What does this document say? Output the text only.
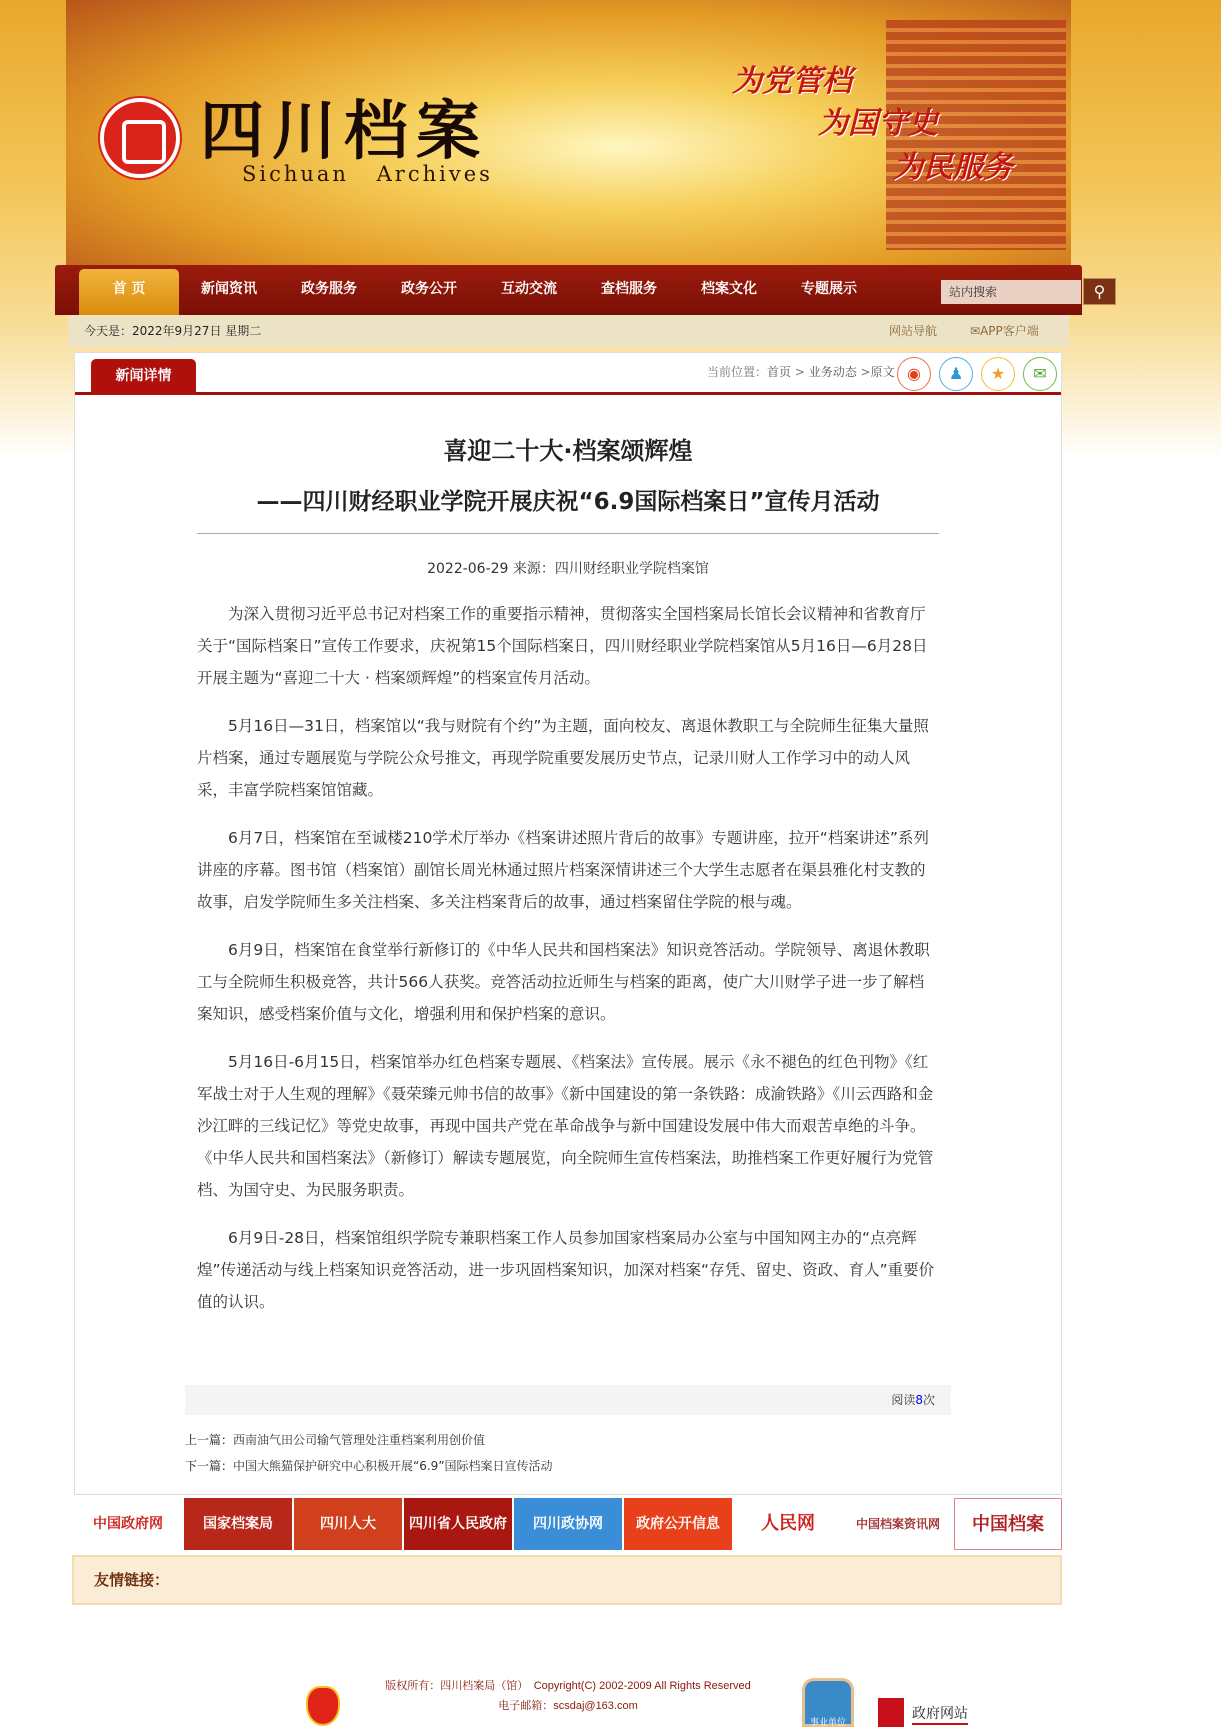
四川档案
Sichuan Archives
为党管档
为国守史
为民服务
首 页	新闻资讯	政务服务	政务公开	互动交流	查档服务	档案文化	专题展示	站内搜索	⚲
今天是：2022年9月27日 星期二	网站导航	✉APP客户端
新闻详情	当前位置：首页 > 业务动态 >原文 ◉	♟	★	✉
喜迎二十大·档案颂辉煌
——四川财经职业学院开展庆祝“6.9国际档案日”宣传月活动
2022-06-29 来源：四川财经职业学院档案馆

为深入贯彻习近平总书记对档案工作的重要指示精神，贯彻落实全国档案局长馆长会议精神和省教育厅关于“国际档案日”宣传工作要求，庆祝第15个国际档案日，四川财经职业学院档案馆从5月16日—6月28日开展主题为“喜迎二十大 · 档案颂辉煌”的档案宣传月活动。

5月16日—31日，档案馆以“我与财院有个约”为主题，面向校友、离退休教职工与全院师生征集大量照片档案，通过专题展览与学院公众号推文，再现学院重要发展历史节点，记录川财人工作学习中的动人风采，丰富学院档案馆馆藏。

6月7日，档案馆在至诚楼210学术厅举办《档案讲述照片背后的故事》专题讲座，拉开“档案讲述”系列讲座的序幕。图书馆（档案馆）副馆长周光林通过照片档案深情讲述三个大学生志愿者在渠县雅化村支教的故事，启发学院师生多关注档案、多关注档案背后的故事，通过档案留住学院的根与魂。

6月9日，档案馆在食堂举行新修订的《中华人民共和国档案法》知识竞答活动。学院领导、离退休教职工与全院师生积极竞答，共计566人获奖。竞答活动拉近师生与档案的距离，使广大川财学子进一步了解档案知识，感受档案价值与文化，增强利用和保护档案的意识。

5月16日-6月15日，档案馆举办红色档案专题展、《档案法》宣传展。展示《永不褪色的红色刊物》《红军战士对于人生观的理解》《聂荣臻元帅书信的故事》《新中国建设的第一条铁路：成渝铁路》《川云西路和金沙江畔的三线记忆》等党史故事，再现中国共产党在革命战争与新中国建设发展中伟大而艰苦卓绝的斗争。《中华人民共和国档案法》（新修订）解读专题展览，向全院师生宣传档案法，助推档案工作更好履行为党管档、为国守史、为民服务职责。

6月9日-28日，档案馆组织学院专兼职档案工作人员参加国家档案局办公室与中国知网主办的“点亮辉煌”传递活动与线上档案知识竞答活动，进一步巩固档案知识，加深对档案“存凭、留史、资政、育人”重要价值的认识。

阅读8次
上一篇：西南油气田公司输气管理处注重档案利用创价值
下一篇：中国大熊猫保护研究中心积极开展“6.9”国际档案日宣传活动
中国政府网	国家档案局	四川人大	四川省人民政府	四川政协网	政府公开信息	人民网	中国档案资讯网	中国档案
友情链接：
版权所有：四川档案局（馆）　Copyright(C) 2002-2009 All Rights Reserved
电子邮箱：scsdaj@163.com
事业单位
政府网站
